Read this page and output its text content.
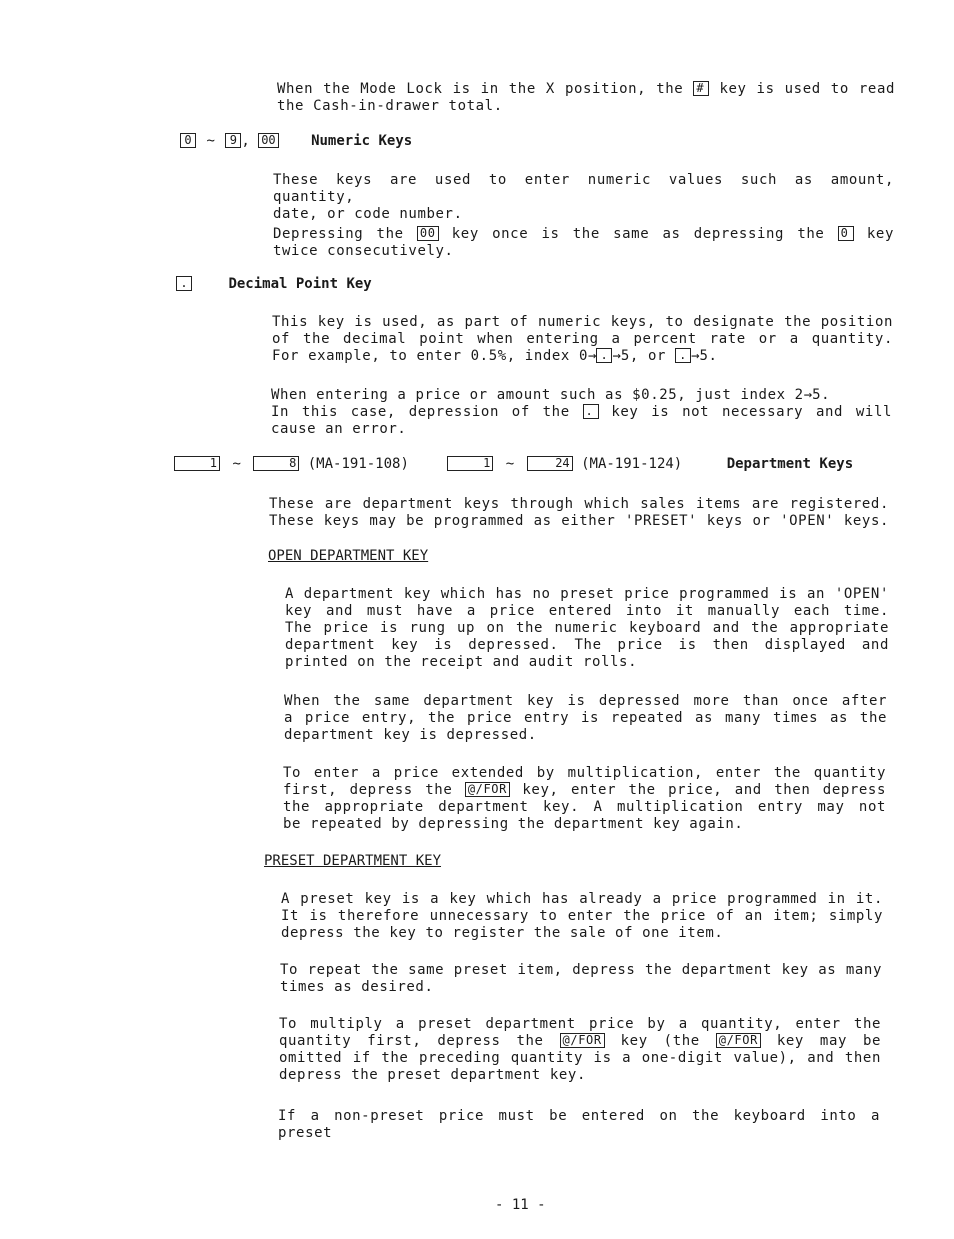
When the Mode Lock is in the X position, the # key is used to read
the Cash-in-drawer total.
0 ~ 9 , 00	Numeric Keys
These keys are used to enter numeric values such as amount, quantity,
date, or code number.
Depressing the 00 key once is the same as depressing the 0 key
twice consecutively.
.	Decimal Point Key
This key is used, as part of numeric keys, to designate the position
of the decimal point when entering a percent rate or a quantity.
For example, to enter 0.5%, index 0→ . →5, or . →5.
When entering a price or amount such as $0.25, just index 2→5.
In this case, depression of the . key is not necessary and will
cause an error.
1 ~	8 (MA-191-108)	1 ~	24 (MA-191-124)	Department Keys
These are department keys through which sales items are registered.
These keys may be programmed as either 'PRESET' keys or 'OPEN' keys.
OPEN DEPARTMENT KEY
A department key which has no preset price programmed is an 'OPEN'
key and must have a price entered into it manually each time.
The price is rung up on the numeric keyboard and the appropriate
department key is depressed. The price is then displayed and
printed on the receipt and audit rolls.
When the same department key is depressed more than once after
a price entry, the price entry is repeated as many times as the
department key is depressed.
To enter a price extended by multiplication, enter the quantity
first, depress the @/FOR key, enter the price, and then depress
the appropriate department key. A multiplication entry may not
be repeated by depressing the department key again.
PRESET DEPARTMENT KEY
A preset key is a key which has already a price programmed in it.
It is therefore unnecessary to enter the price of an item; simply
depress the key to register the sale of one item.
To repeat the same preset item, depress the department key as many
times as desired.
To multiply a preset department price by a quantity, enter the
quantity first, depress the @/FOR key (the @/FOR key may be
omitted if the preceding quantity is a one-digit value), and then
depress the preset department key.
If a non-preset price must be entered on the keyboard into a preset
- 11 -
